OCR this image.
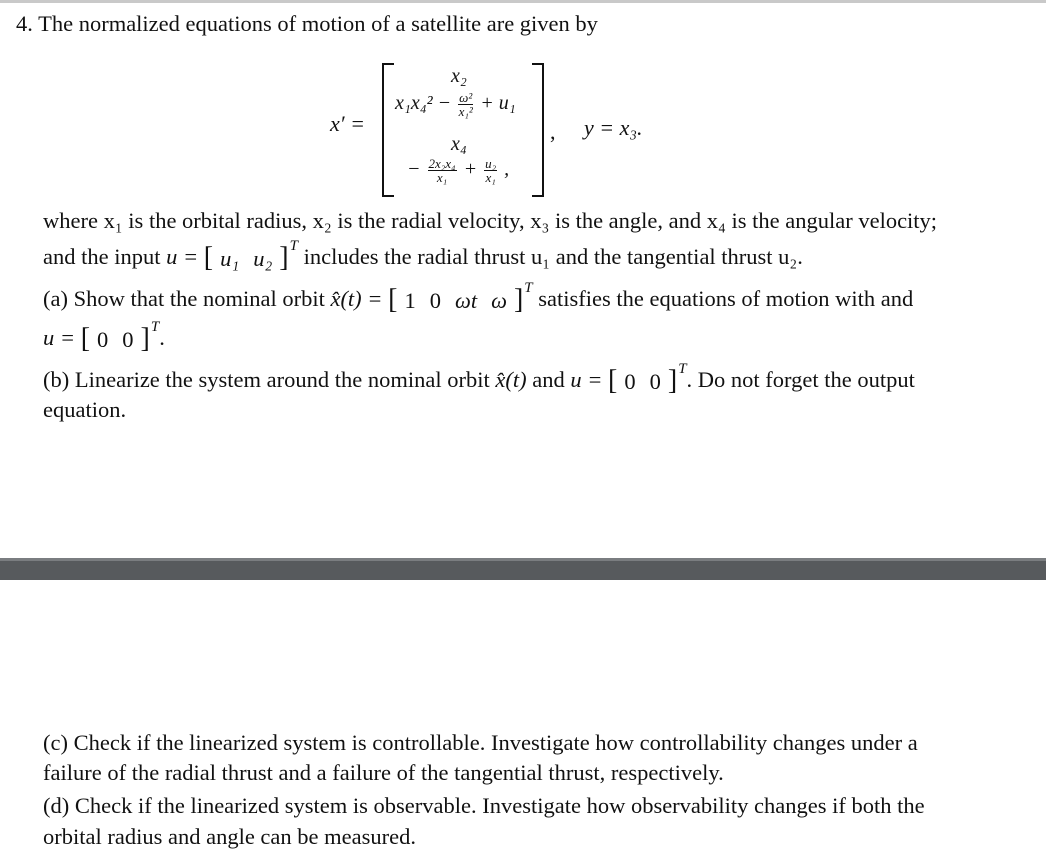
4. The normalized equations of motion of a satellite are given by
x′ =
x₂
$x_1x_4^2 - \frac{\text{ω²}}{\text{x₁²}} + u_1$
x₄
− $\frac{\text{2x₂x₄}}{\text{x₁}} + \frac{\text{u₂}}{\text{x₁}}$ ,
, y = x₃.
where x₁ is the orbital radius, x₂ is the radial velocity, x₃ is the angle, and x₄ is the angular velocity;
and the input u = [ u₁ u₂ ]$^T$ includes the radial thrust u₁ and the tangential thrust u₂.
(a) Show that the nominal orbit x̂(t) = [ 1 0 ωt ω ]$^T$ satisfies the equations of motion with and
u = [ 0 0 ]$^T$.
(b) Linearize the system around the nominal orbit x̂(t) and u = [ 0 0 ]$^T$. Do not forget the output
equation.
(c) Check if the linearized system is controllable. Investigate how controllability changes under a
failure of the radial thrust and a failure of the tangential thrust, respectively.
(d) Check if the linearized system is observable. Investigate how observability changes if both the
orbital radius and angle can be measured.
